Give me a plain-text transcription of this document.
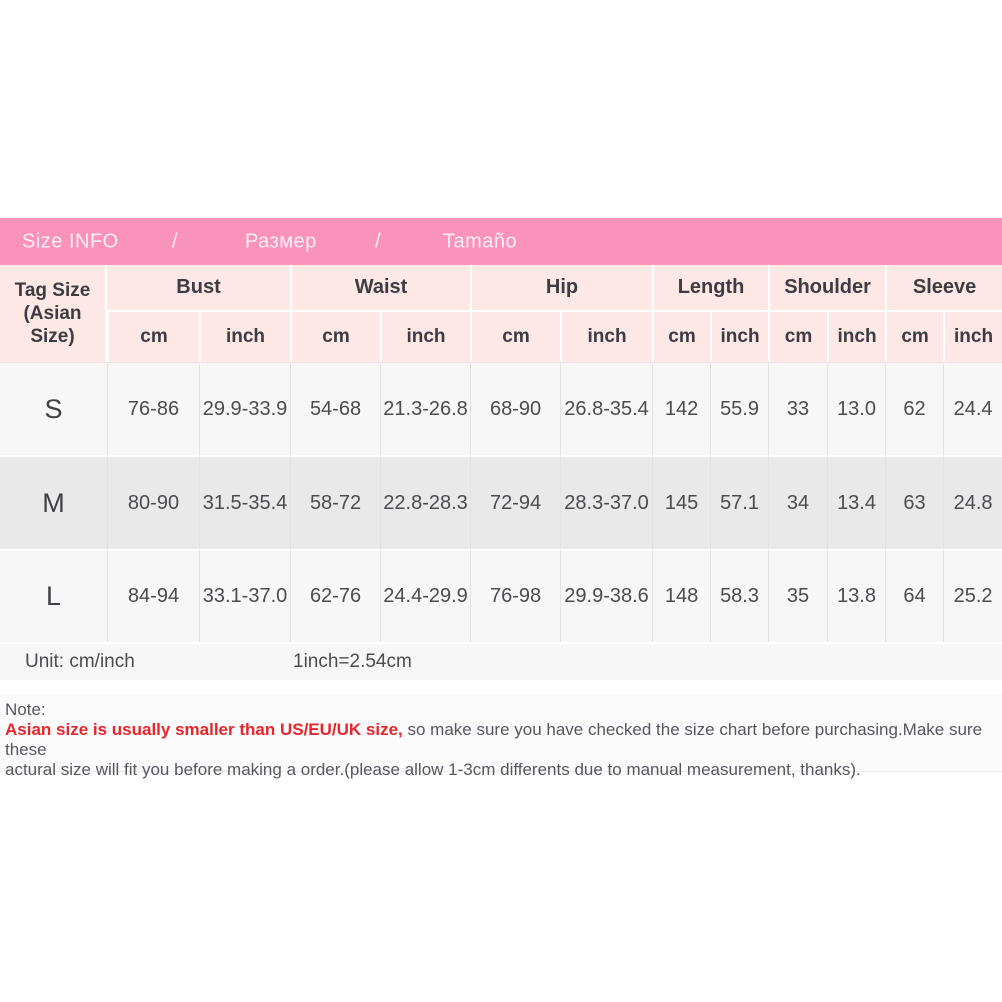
Size INFO	/	Размер	/	Tamaño
Tag Size
(Asian Size)	Bust		Waist		Hip		Length		Shoulder		Sleeve	
	cm	inch	cm	inch	cm	inch	cm	inch	cm	inch	cm	inch
S	76-86	29.9-33.9	54-68	21.3-26.8	68-90	26.8-35.4	142	55.9	33	13.0	62	24.4
M	80-90	31.5-35.4	58-72	22.8-28.3	72-94	28.3-37.0	145	57.1	34	13.4	63	24.8
L	84-94	33.1-37.0	62-76	24.4-29.9	76-98	29.9-38.6	148	58.3	35	13.8	64	25.2
Unit: cm/inch	1inch=2.54cm
Note:
Asian size is usually smaller than US/EU/UK size, so make sure you have checked the size chart before purchasing.Make sure these
actural size will fit you before making a order.(please allow 1-3cm differents due to manual measurement, thanks).
